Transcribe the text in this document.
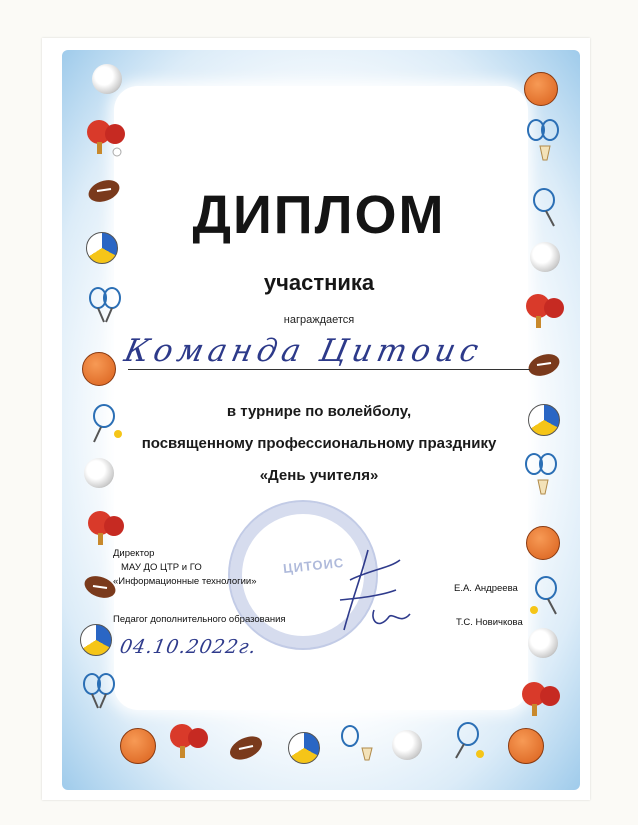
ДИПЛОМ
участника
награждается
Команда Цитоис
в турнире по волейболу,
посвященному профессиональному празднику
«День учителя»
ЦИТОИС
Директор
МАУ ДО ЦТР и ГО
«Информационные технологии»
Е.А. Андреева
Педагог дополнительного образования	Т.С. Новичкова
04.10.2022г.
